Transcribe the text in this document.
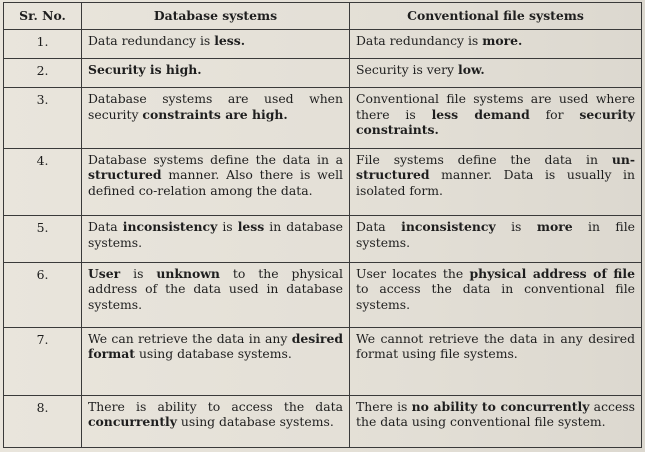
Sr. No.	Database systems	Conventional file systems
1.	Data redundancy is less.	Data redundancy is more.
2.	Security is high.	Security is very low.
3.	Database systems are used when security constraints are high.	Conventional file systems are used where there is less demand for security constraints.
4.	Database systems define the data in a structured manner. Also there is well defined co-relation among the data.	File systems define the data in un-structured manner. Data is usually in isolated form.
5.	Data inconsistency is less in database systems.	Data inconsistency is more in file systems.
6.	User is unknown to the physical address of the data used in database systems.	User locates the physical address of file to access the data in conventional file systems.
7.	We can retrieve the data in any desired format using database systems.	We cannot retrieve the data in any desired format using file systems.
8.	There is ability to access the data concurrently using database systems.	There is no ability to concurrently access the data using conventional file system.
